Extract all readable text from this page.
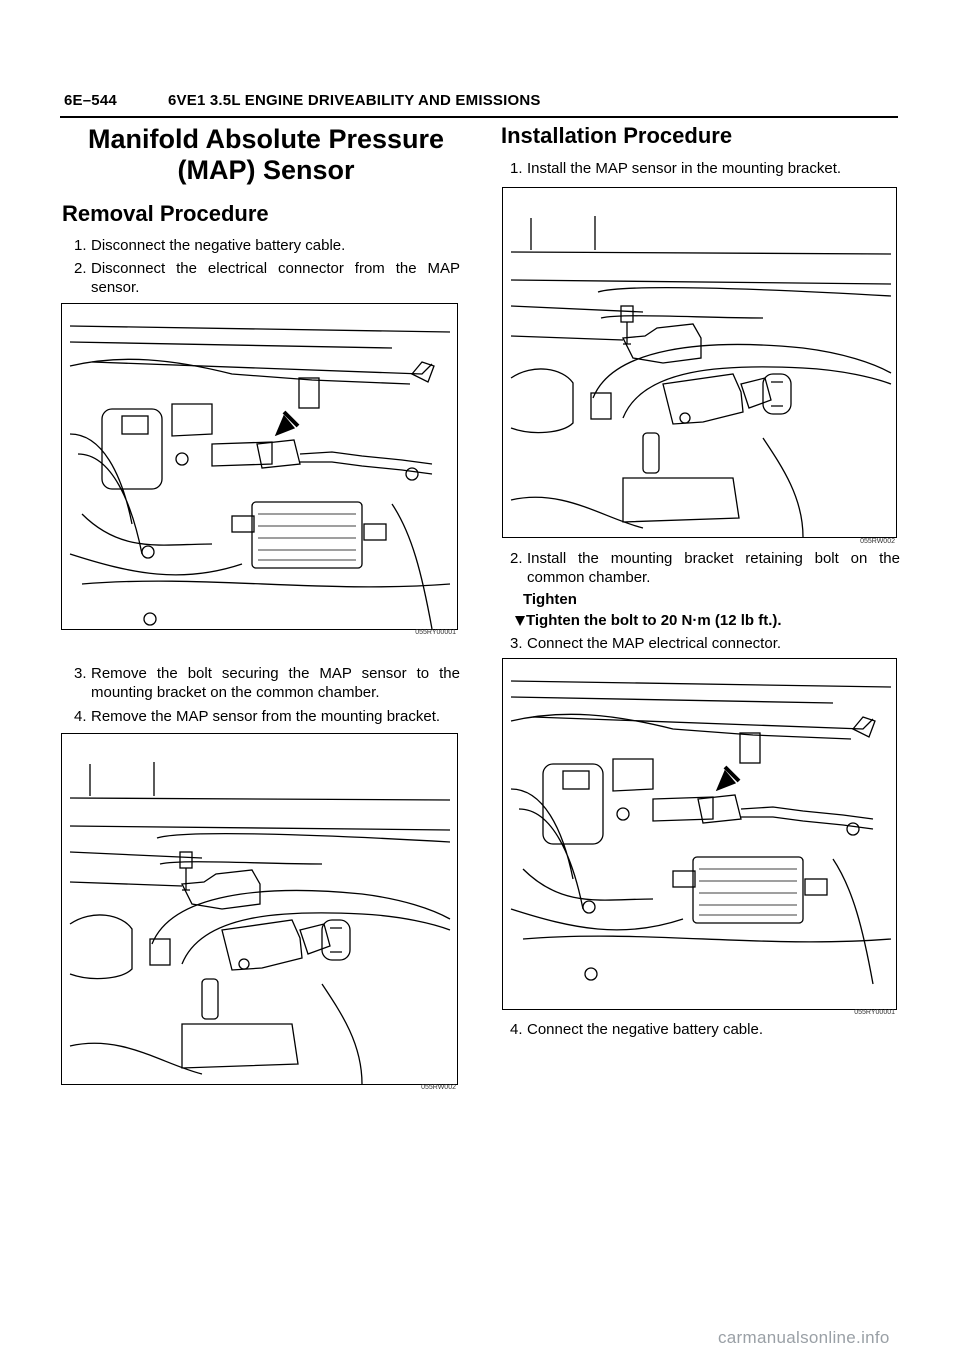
6E–544	6VE1 3.5L ENGINE DRIVEABILITY AND EMISSIONS
Manifold Absolute Pressure
(MAP) Sensor
Removal Procedure
1. Disconnect the negative battery cable.
2. Disconnect the electrical connector from the MAP sensor.
055RY00001
3. Remove the bolt securing the MAP sensor to the mounting bracket on the common chamber.
4. Remove the MAP sensor from the mounting bracket.
055RW002
Installation Procedure
1. Install the MAP sensor in the mounting bracket.
055RW002
2. Install the mounting bracket retaining bolt on the common chamber.
Tighten
Tighten the bolt to 20 N·m (12 lb ft.).
3. Connect the MAP electrical connector.
055RY00001
4. Connect the negative battery cable.
carmanualsonline.info
